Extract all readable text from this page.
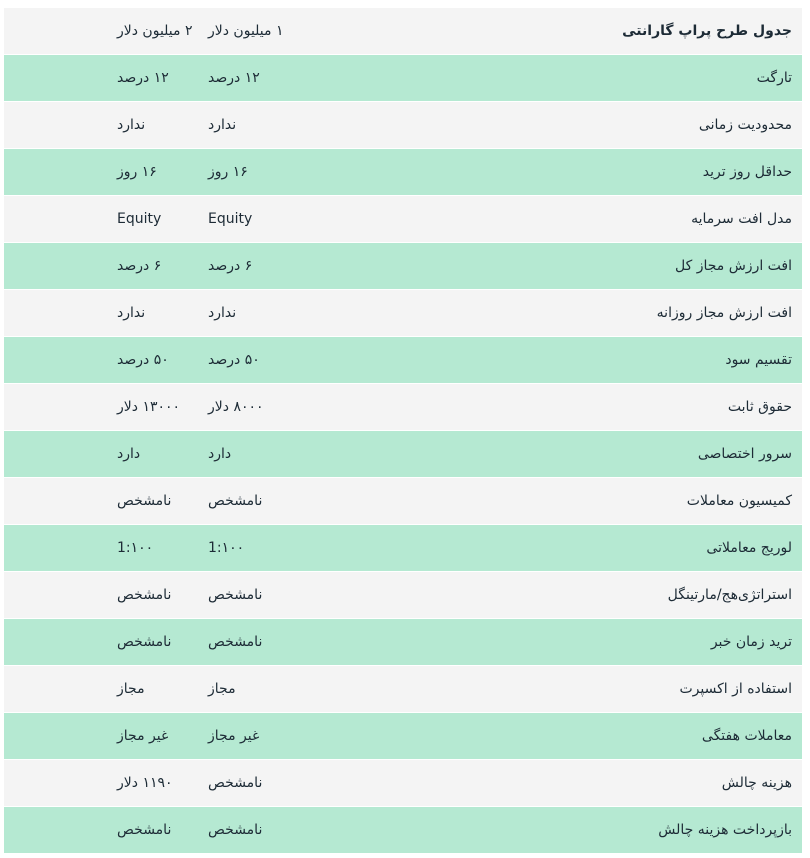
جدول طرح پراپ گارانتی	۱ میلیون دلار	۲ میلیون دلار
تارگت	۱۲ درصد	۱۲ درصد
محدودیت زمانی	ندارد	ندارد
حداقل روز ترید	۱۶ روز	۱۶ روز
مدل افت سرمایه	Equity	Equity
افت ارزش مجاز کل	۶ درصد	۶ درصد
افت ارزش مجاز روزانه	ندارد	ندارد
تقسیم سود	۵۰ درصد	۵۰ درصد
حقوق ثابت	۸۰۰۰ دلار	۱۳۰۰۰ دلار
سرور اختصاصی	دارد	دارد
کمیسیون معاملات	نامشخص	نامشخص
لوریج معاملاتی	1:۱۰۰	1:۱۰۰
استراتژی‌هج/مارتینگل	نامشخص	نامشخص
ترید زمان خبر	نامشخص	نامشخص
استفاده از اکسپرت	مجاز	مجاز
معاملات هفتگی	غیر مجاز	غیر مجاز
هزینه چالش	نامشخص	۱۱۹۰ دلار
بازپرداخت هزینه چالش	نامشخص	نامشخص
